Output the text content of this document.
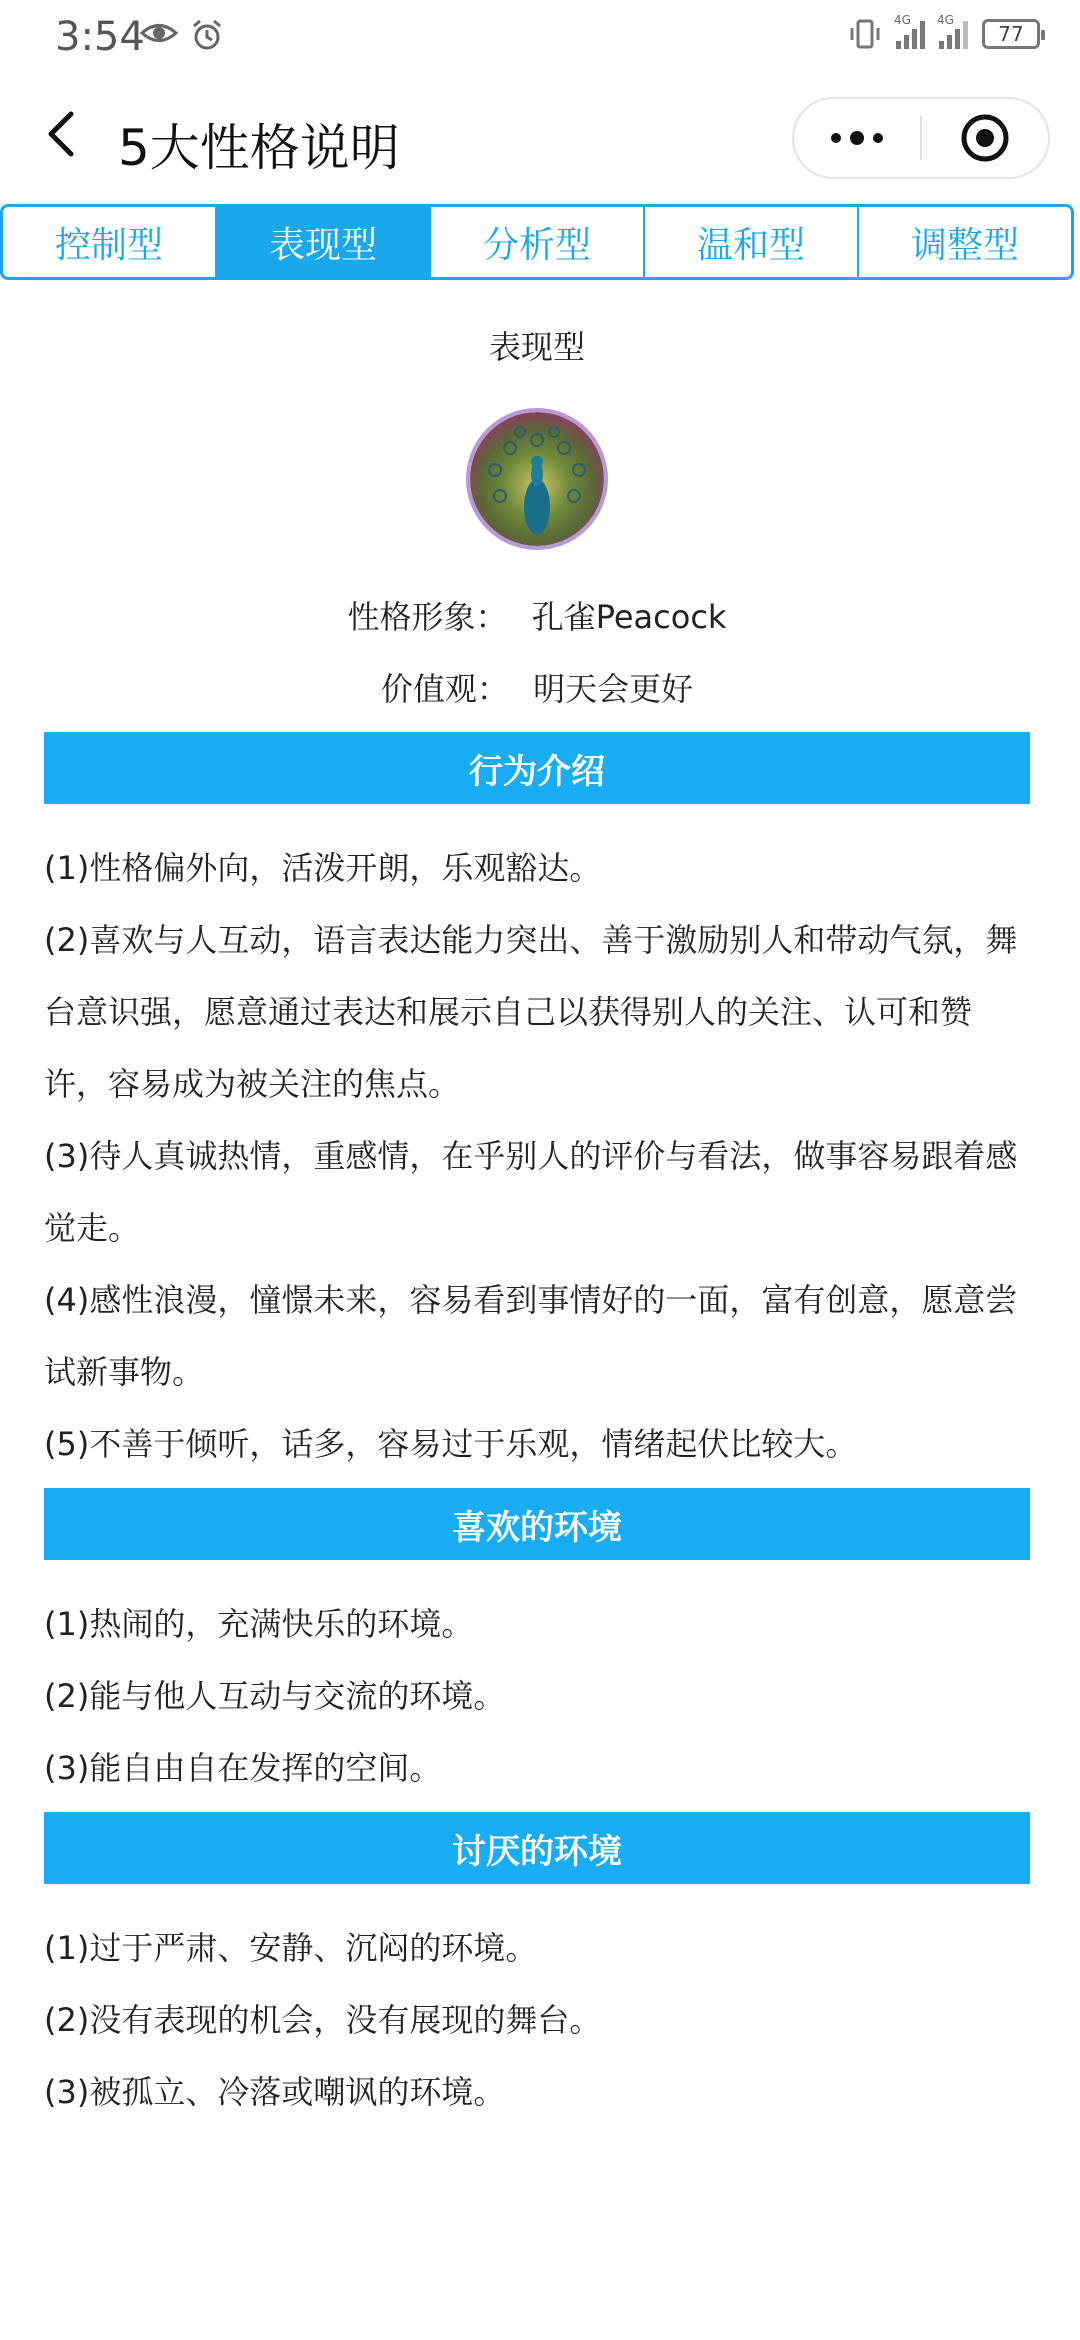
3:54	4G 4G
77
5大性格说明
控制型	表现型	分析型	温和型	调整型
表现型
性格形象： 孔雀Peacock
价值观： 明天会更好
行为介绍
(1)性格偏外向，活泼开朗，乐观豁达。
(2)喜欢与人互动，语言表达能力突出、善于激励别人和带动气氛，舞台意识强，愿意通过表达和展示自己以获得别人的关注、认可和赞许，容易成为被关注的焦点。
(3)待人真诚热情，重感情，在乎别人的评价与看法，做事容易跟着感觉走。
(4)感性浪漫，憧憬未来，容易看到事情好的一面，富有创意，愿意尝试新事物。
(5)不善于倾听，话多，容易过于乐观，情绪起伏比较大。
喜欢的环境
(1)热闹的，充满快乐的环境。
(2)能与他人互动与交流的环境。
(3)能自由自在发挥的空间。
讨厌的环境
(1)过于严肃、安静、沉闷的环境。
(2)没有表现的机会，没有展现的舞台。
(3)被孤立、冷落或嘲讽的环境。
